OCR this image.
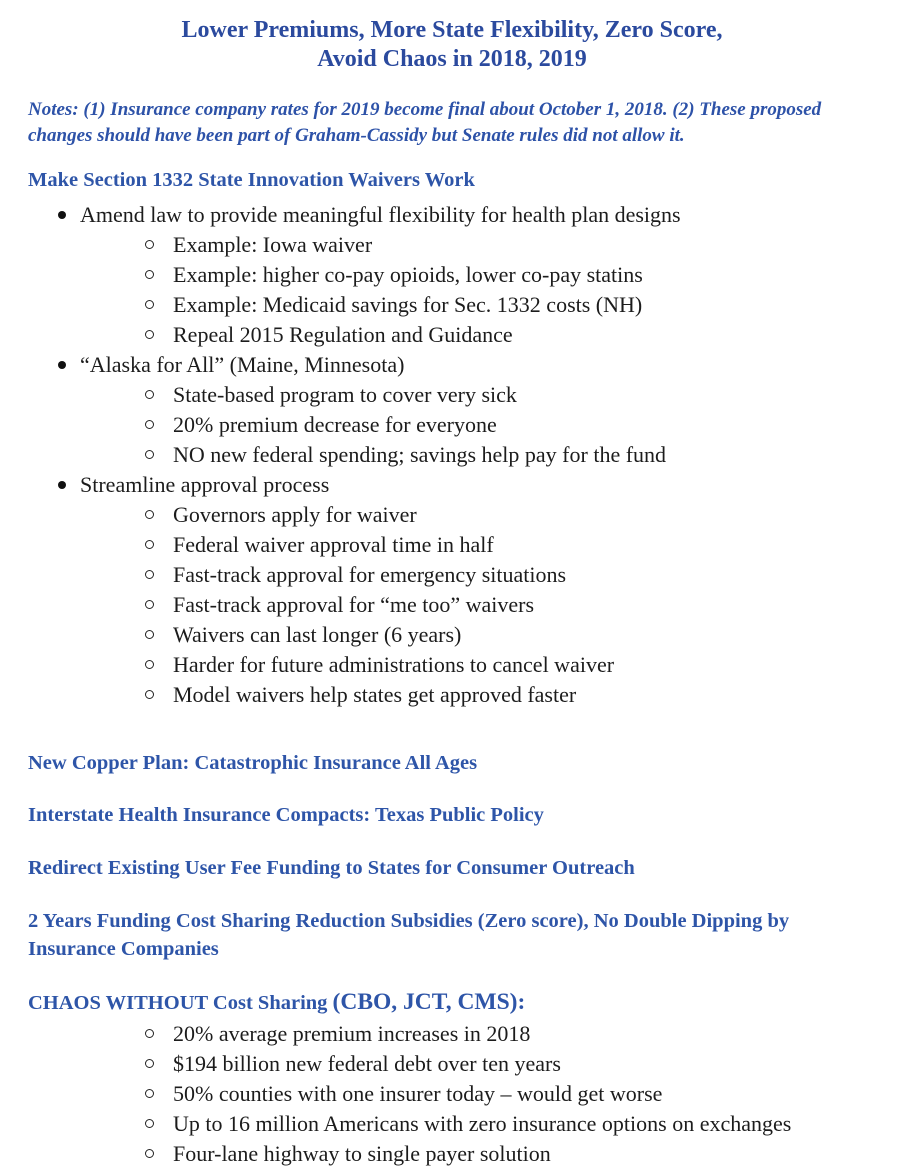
Lower Premiums, More State Flexibility, Zero Score,
Avoid Chaos in 2018, 2019

Notes: (1) Insurance company rates for 2019 become final about October 1, 2018. (2) These proposed changes should have been part of Graham-Cassidy but Senate rules did not allow it.

Make Section 1332 State Innovation Waivers Work
Amend law to provide meaningful flexibility for health plan designs
Example: Iowa waiver
Example: higher co-pay opioids, lower co-pay statins
Example: Medicaid savings for Sec. 1332 costs (NH)
Repeal 2015 Regulation and Guidance
“Alaska for All” (Maine, Minnesota)
State-based program to cover very sick
20% premium decrease for everyone
NO new federal spending; savings help pay for the fund
Streamline approval process
Governors apply for waiver
Federal waiver approval time in half
Fast-track approval for emergency situations
Fast-track approval for “me too” waivers
Waivers can last longer (6 years)
Harder for future administrations to cancel waiver
Model waivers help states get approved faster
New Copper Plan: Catastrophic Insurance All Ages
Interstate Health Insurance Compacts: Texas Public Policy
Redirect Existing User Fee Funding to States for Consumer Outreach
2 Years Funding Cost Sharing Reduction Subsidies (Zero score), No Double Dipping by Insurance Companies
CHAOS WITHOUT Cost Sharing (CBO, JCT, CMS):
20% average premium increases in 2018
$194 billion new federal debt over ten years
50% counties with one insurer today – would get worse
Up to 16 million Americans with zero insurance options on exchanges
Four-lane highway to single payer solution
